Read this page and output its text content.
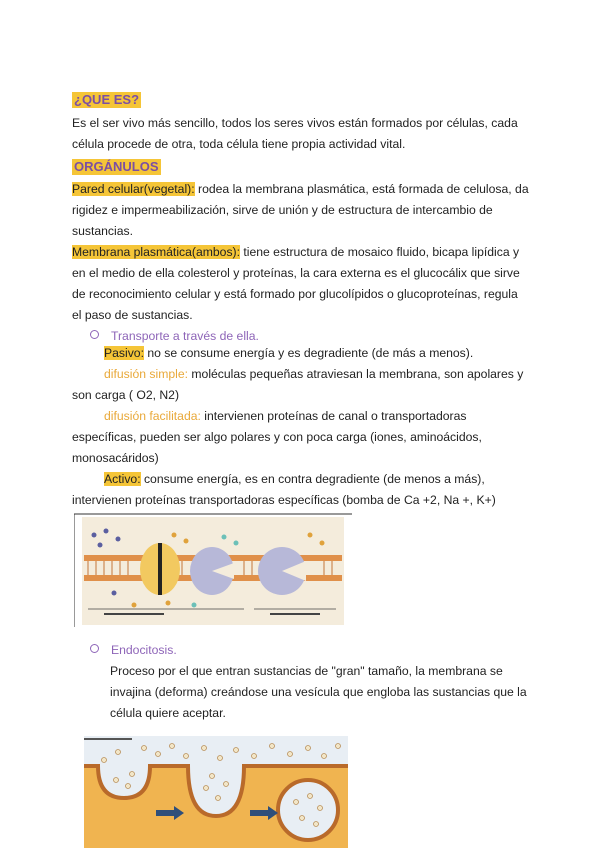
¿QUE ES?
Es el ser vivo más sencillo, todos los seres vivos están formados por células, cada
célula procede de otra, toda célula tiene propia actividad vital.
ORGÁNULOS
Pared celular(vegetal): rodea la membrana plasmática, está formada de celulosa, da
rigidez e impermeabilización, sirve de unión y de estructura de intercambio de
sustancias.
Membrana plasmática(ambos): tiene estructura de mosaico fluido, bicapa lipídica y
en el medio de ella colesterol y proteínas, la cara externa es el glucocálix que sirve
de reconocimiento celular y está formado por glucolípidos o glucoproteínas, regula
el paso de sustancias.
Transporte a través de ella.
Pasivo: no se consume energía y es degradiente (de más a menos).
difusión simple: moléculas pequeñas atraviesan la membrana, son apolares y
son carga ( O2, N2)
difusión facilitada: intervienen proteínas de canal o transportadoras
específicas, pueden ser algo polares y con poca carga (iones, aminoácidos,
monosacáridos)
Activo: consume energía, es en contra degradiente (de menos a más),
intervienen proteínas transportadoras específicas (bomba de Ca +2, Na +, K+)
Endocitosis.
Proceso por el que entran sustancias de "gran" tamaño, la membrana se
invajina (deforma) creándose una vesícula que engloba las sustancias que la
célula quiere aceptar.
